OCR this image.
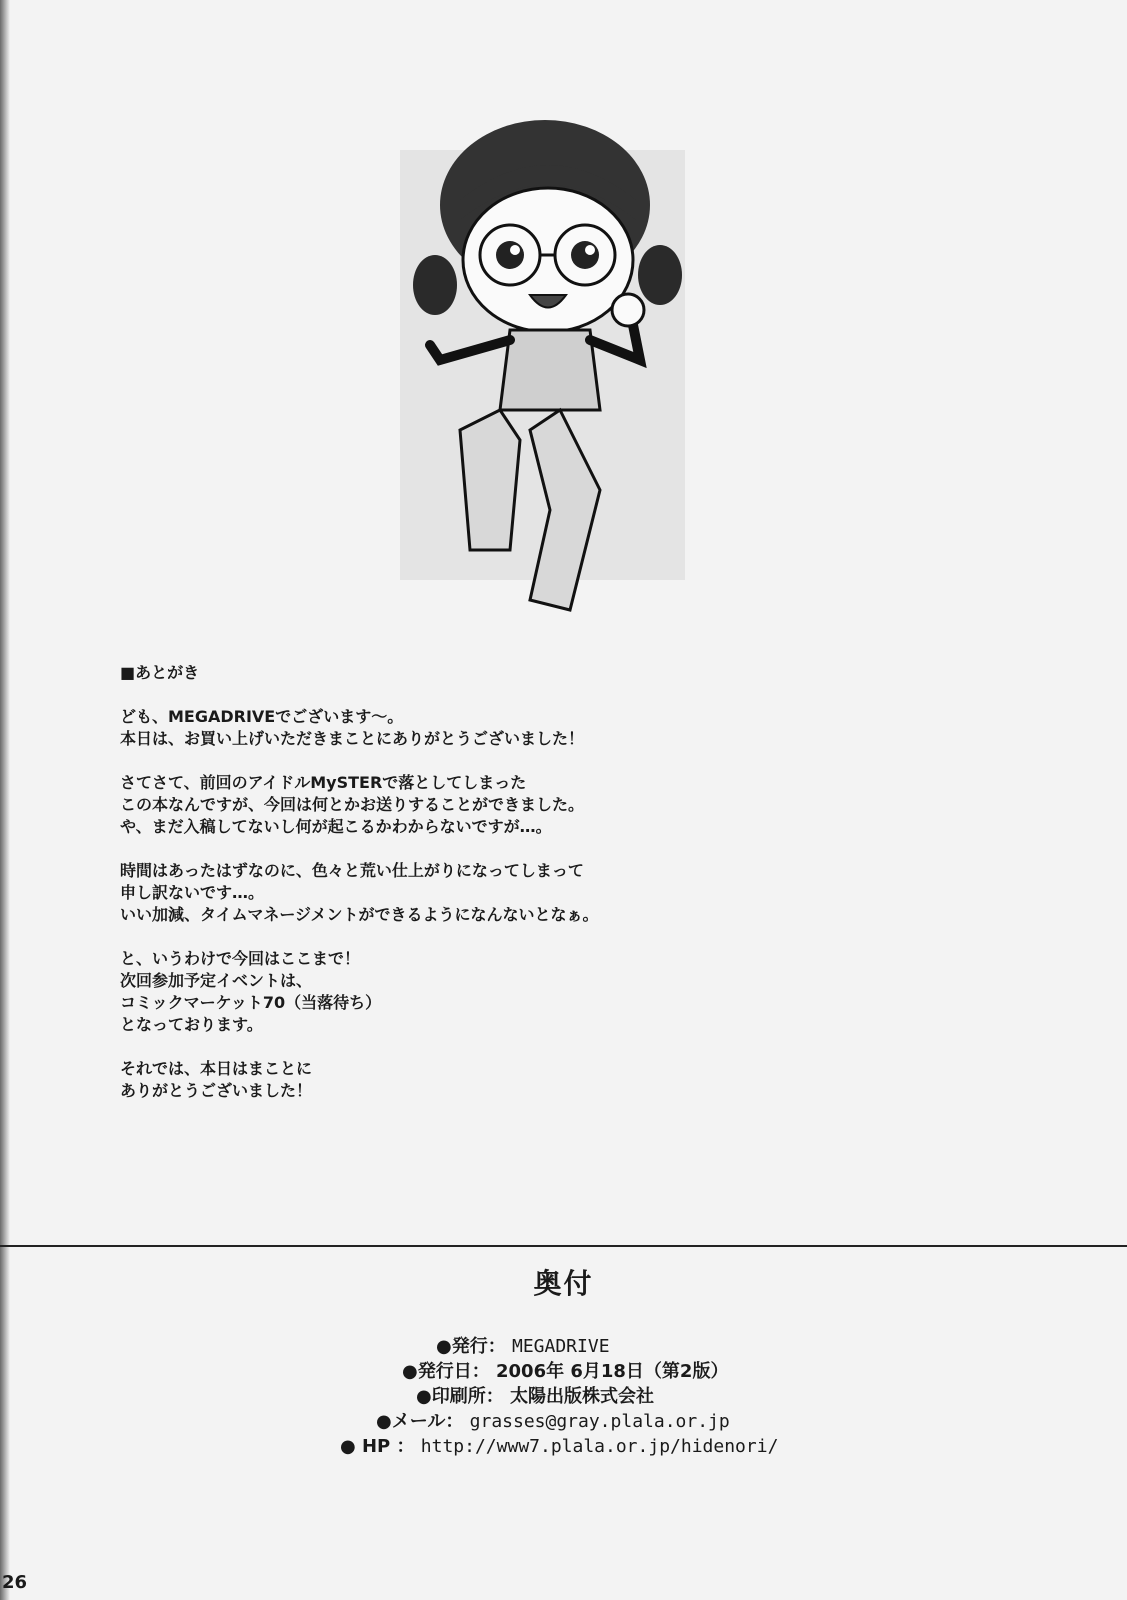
■あとがき
ども、MEGADRIVEでございます～。
本日は、お買い上げいただきまことにありがとうございました！
さてさて、前回のアイドルMySTERで落としてしまった
この本なんですが、今回は何とかお送りすることができました。
や、まだ入稿してないし何が起こるかわからないですが…。
時間はあったはずなのに、色々と荒い仕上がりになってしまって
申し訳ないです…。
いい加減、タイムマネージメントができるようになんないとなぁ。
と、いうわけで今回はここまで！
次回参加予定イベントは、
コミックマーケット70（当落待ち）
となっております。
それでは、本日はまことに
ありがとうございました！
奥付
●発行： MEGADRIVE
●発行日： 2006年 6月18日（第2版）
●印刷所： 太陽出版株式会社
●メール： grasses@gray.plala.or.jp
● HP ： http://www7.plala.or.jp/hidenori/
26
